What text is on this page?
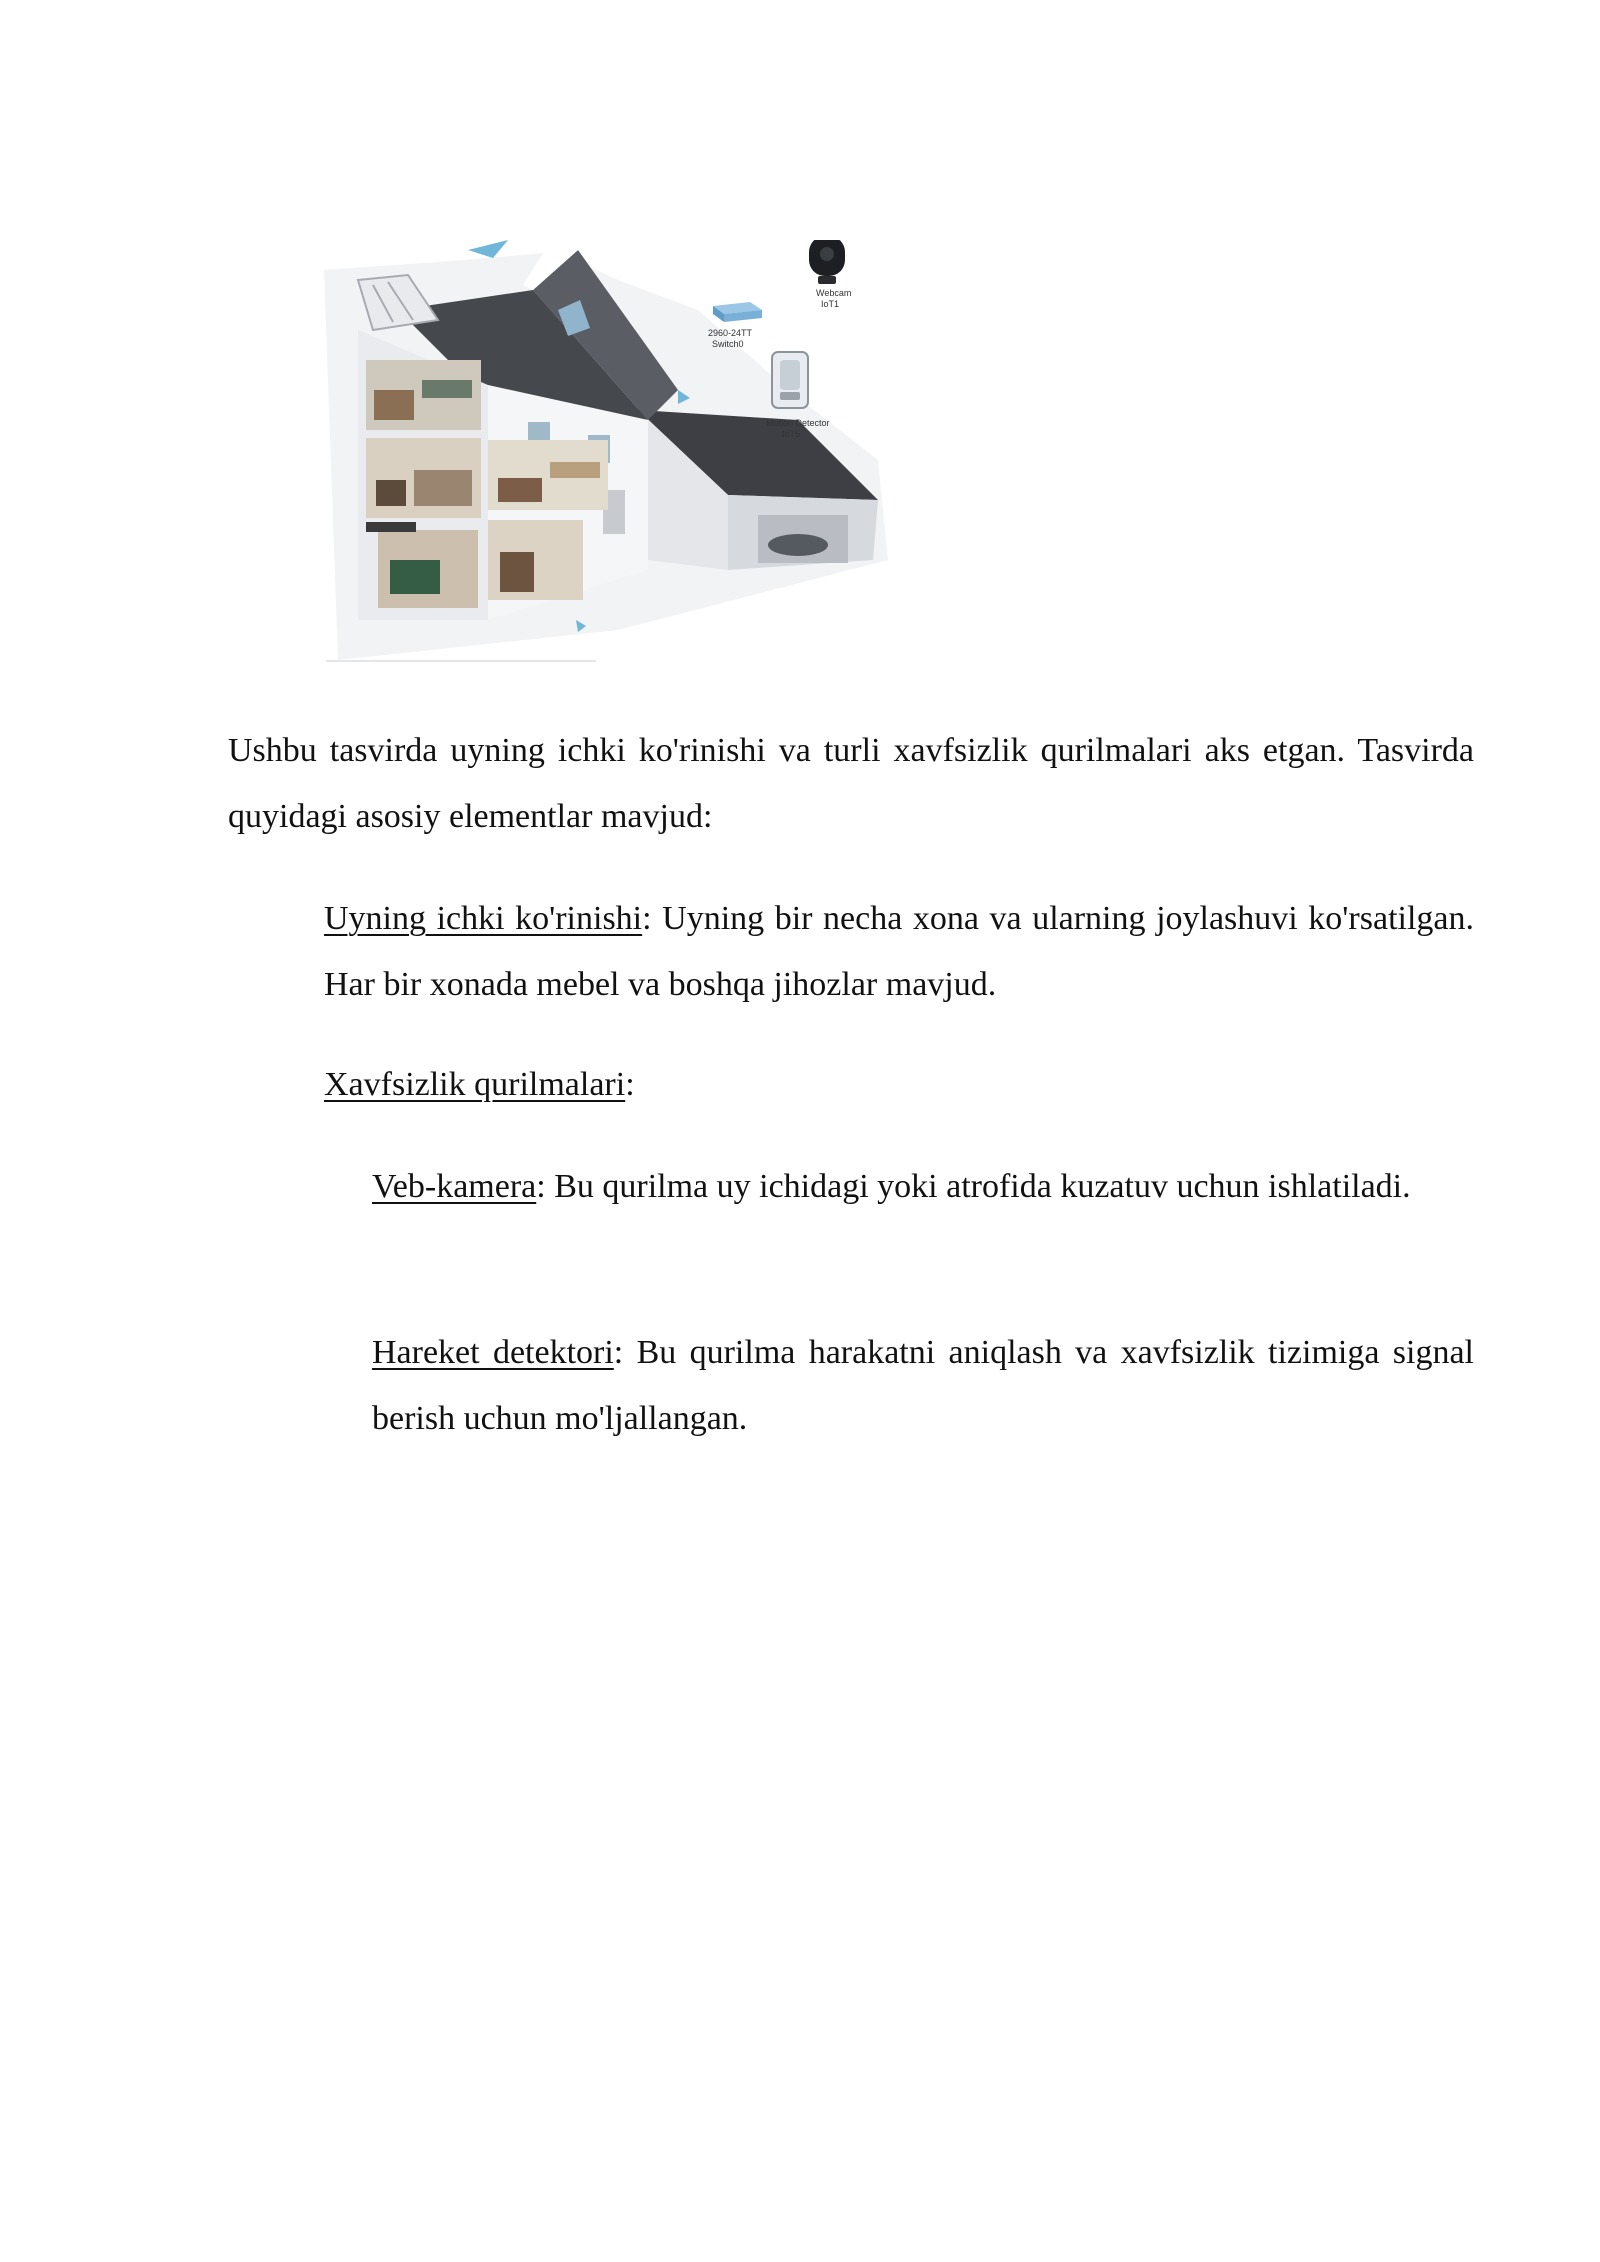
2960-24TT
Switch0
Webcam
IoT1
Motion Detector
IoT5

Ushbu tasvirda uyning ichki ko'rinishi va turli xavfsizlik qurilmalari aks etgan. Tasvirda quyidagi asosiy elementlar mavjud:

Uyning ichki ko'rinishi: Uyning bir necha xona va ularning joylashuvi ko'rsatilgan. Har bir xonada mebel va boshqa jihozlar mavjud.

Xavfsizlik qurilmalari:

Veb-kamera: Bu qurilma uy ichidagi yoki atrofida kuzatuv uchun ishlatiladi.

Hareket detektori: Bu qurilma harakatni aniqlash va xavfsizlik tizimiga signal berish uchun mo'ljallangan.
